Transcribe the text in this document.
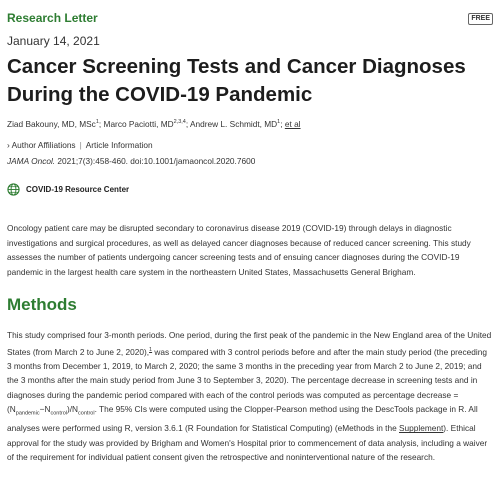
Research Letter	FREE
January 14, 2021
Cancer Screening Tests and Cancer Diagnoses During the COVID-19 Pandemic
Ziad Bakouny, MD, MSc$^1$; Marco Paciotti, MD$^{2,3,4}$; Andrew L. Schmidt, $MD^1$; et al
› Author Affiliations | Article Information
JAMA Oncol. 2021;7(3):458-460. doi:10.1001/jamaoncol.2020.7600
COVID-19 Resource Center

Oncology patient care may be disrupted secondary to coronavirus disease 2019 (COVID-19) through delays in diagnostic investigations and surgical procedures, as well as delayed cancer diagnoses because of reduced cancer screening. This study assesses the number of patients undergoing cancer screening tests and of ensuing cancer diagnoses during the COVID-19 pandemic in the largest health care system in the northeastern United States, Massachusetts General Brigham.

Methods

This study comprised four 3-month periods. One period, during the first peak of the pandemic in the New England area of the United States (from March 2 to June 2, 2020),$^1$ was compared with 3 control periods before and after the main study period (the preceding 3 months from December 1, 2019, to March 2, 2020; the same 3 months in the preceding year from March 2 to June 2, 2019; and the 3 months after the main study period from June 3 to September 3, 2020). The percentage decrease in screening tests and in diagnoses during the pandemic period compared with each of the control periods was computed as percentage decrease = $(N_{pandemic}-N_{control})/N_{control}$. The 95% CIs were computed using the Clopper-Pearson method using the DescTools package in R. All analyses were performed using R, version 3.6.1 (R Foundation for Statistical Computing) (eMethods in the Supplement). Ethical approval for the study was provided by Brigham and Women's Hospital prior to commencement of data analysis, including a waiver of the requirement for individual patient consent given the retrospective and noninterventional nature of the research.
